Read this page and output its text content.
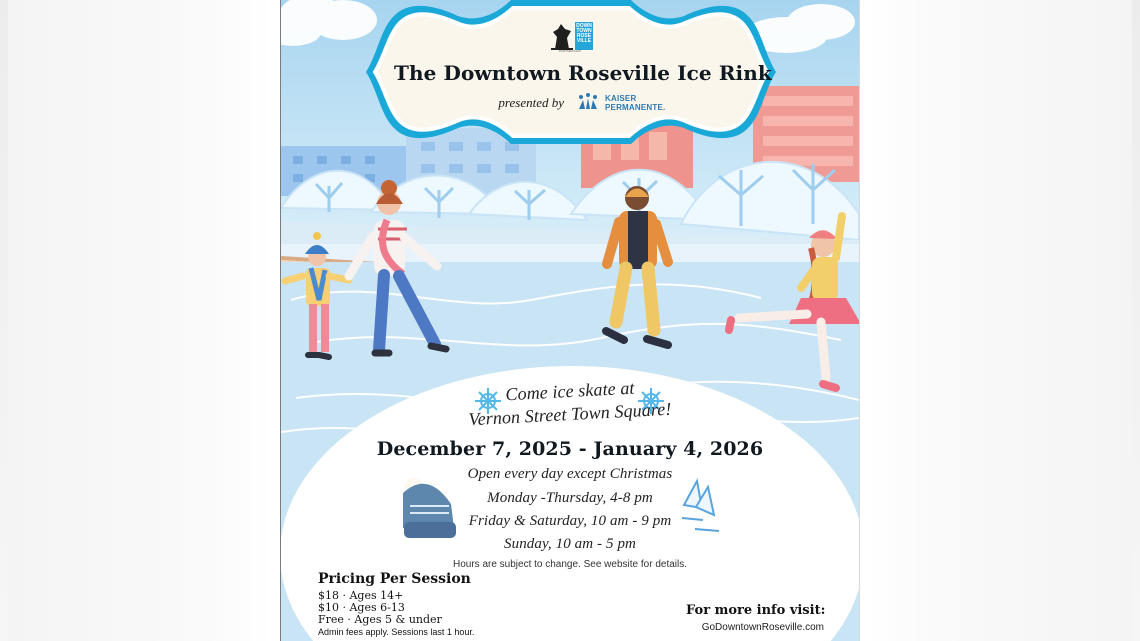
DOWN
TOWN
ROSE
VILLE
PARTNERSHIP
The Downtown Roseville Ice Rink
presented by	KAISER
PERMANENTE.
Come ice skate at
Vernon Street Town Square!
December 7, 2025 - January 4, 2026
Open every day except Christmas
Monday -Thursday, 4-8 pm
Friday & Saturday, 10 am - 9 pm
Sunday, 10 am - 5 pm
Hours are subject to change. See website for details.
Pricing Per Session
$18 · Ages 14+
$10 · Ages 6-13
Free · Ages 5 & under
Admin fees apply. Sessions last 1 hour.
For more info visit:
GoDowntownRoseville.com
